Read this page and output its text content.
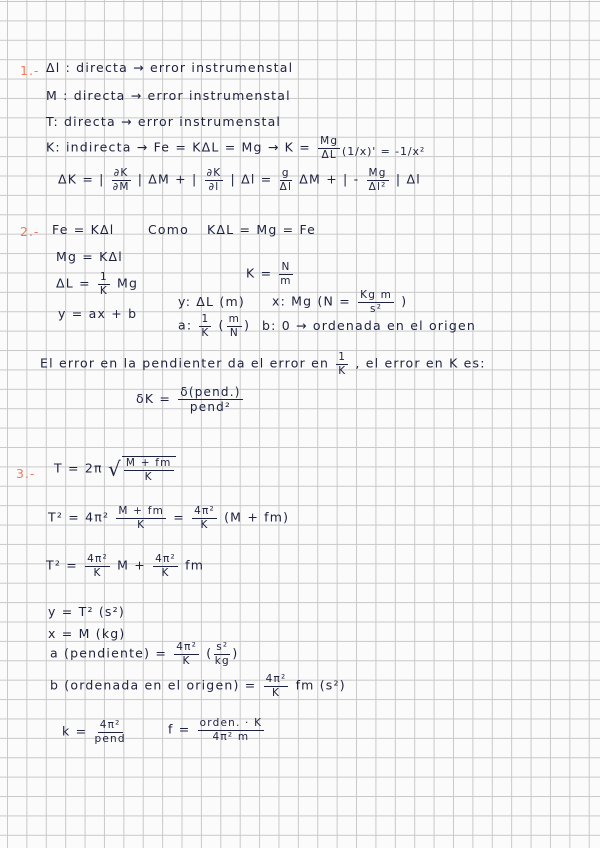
1.- Δl : directa → error instrumenstal
M : directa → error instrumenstal
T: directa → error instrumenstal
K: indirecta → $Fe = K\Delta L = Mg \to K = \frac{Mg}{\Delta L} (1/x)' = -1/x^2$
ΔK = | $\frac{\partial K}{\partial M}$ | ΔM + | $\frac{\partial K}{\partial l}$ | $\Delta l = \frac{g}{\Delta l}$ ΔM + | - $\frac{Mg}{\text{Δl²}}$ | Δl
2.- Fe = KΔl	Como KΔL = Mg = Fe
Mg = KΔl
$\Delta L = \frac{1}{K}$ Mg
$K = \frac{N}{m}$
y = ax + b
y: ΔL (m) x: Mg ($N = \frac{\text{Kg m}}{\text{s²}}$ )
a: $\frac{1}{K}$ ( $\frac{m}{N}$ ) b: 0 → ordenada en el origen
El error en la pendienter da el error en $\frac{1}{K}$ , el error en K es:
$\delta K = \frac{\text{δ(pend.)}}{\text{pend²}}$
3.- T = 2π √ $\frac{M + fm}{K}$
$T^2 = 4\pi^2 \frac{M + fm}{K} = \frac{\text{4π²}}{K} (M + fm)$
$T^2 = \frac{\text{4π²}}{K}$ $M + \frac{\text{4π²}}{K}$ fm
y = T² (s²)
x = M (kg)
a (pendiente) = $\frac{\text{4π²}}{K}$ ( $\frac{\text{s²}}{kg}$ )
b (ordenada en el origen) = $\frac{\text{4π²}}{K}$ fm (s²)
$k = \frac{\text{4π²}}{\text{pend}}$	$f = \frac{\text{orden. · K}}{\text{4π² m}}$
